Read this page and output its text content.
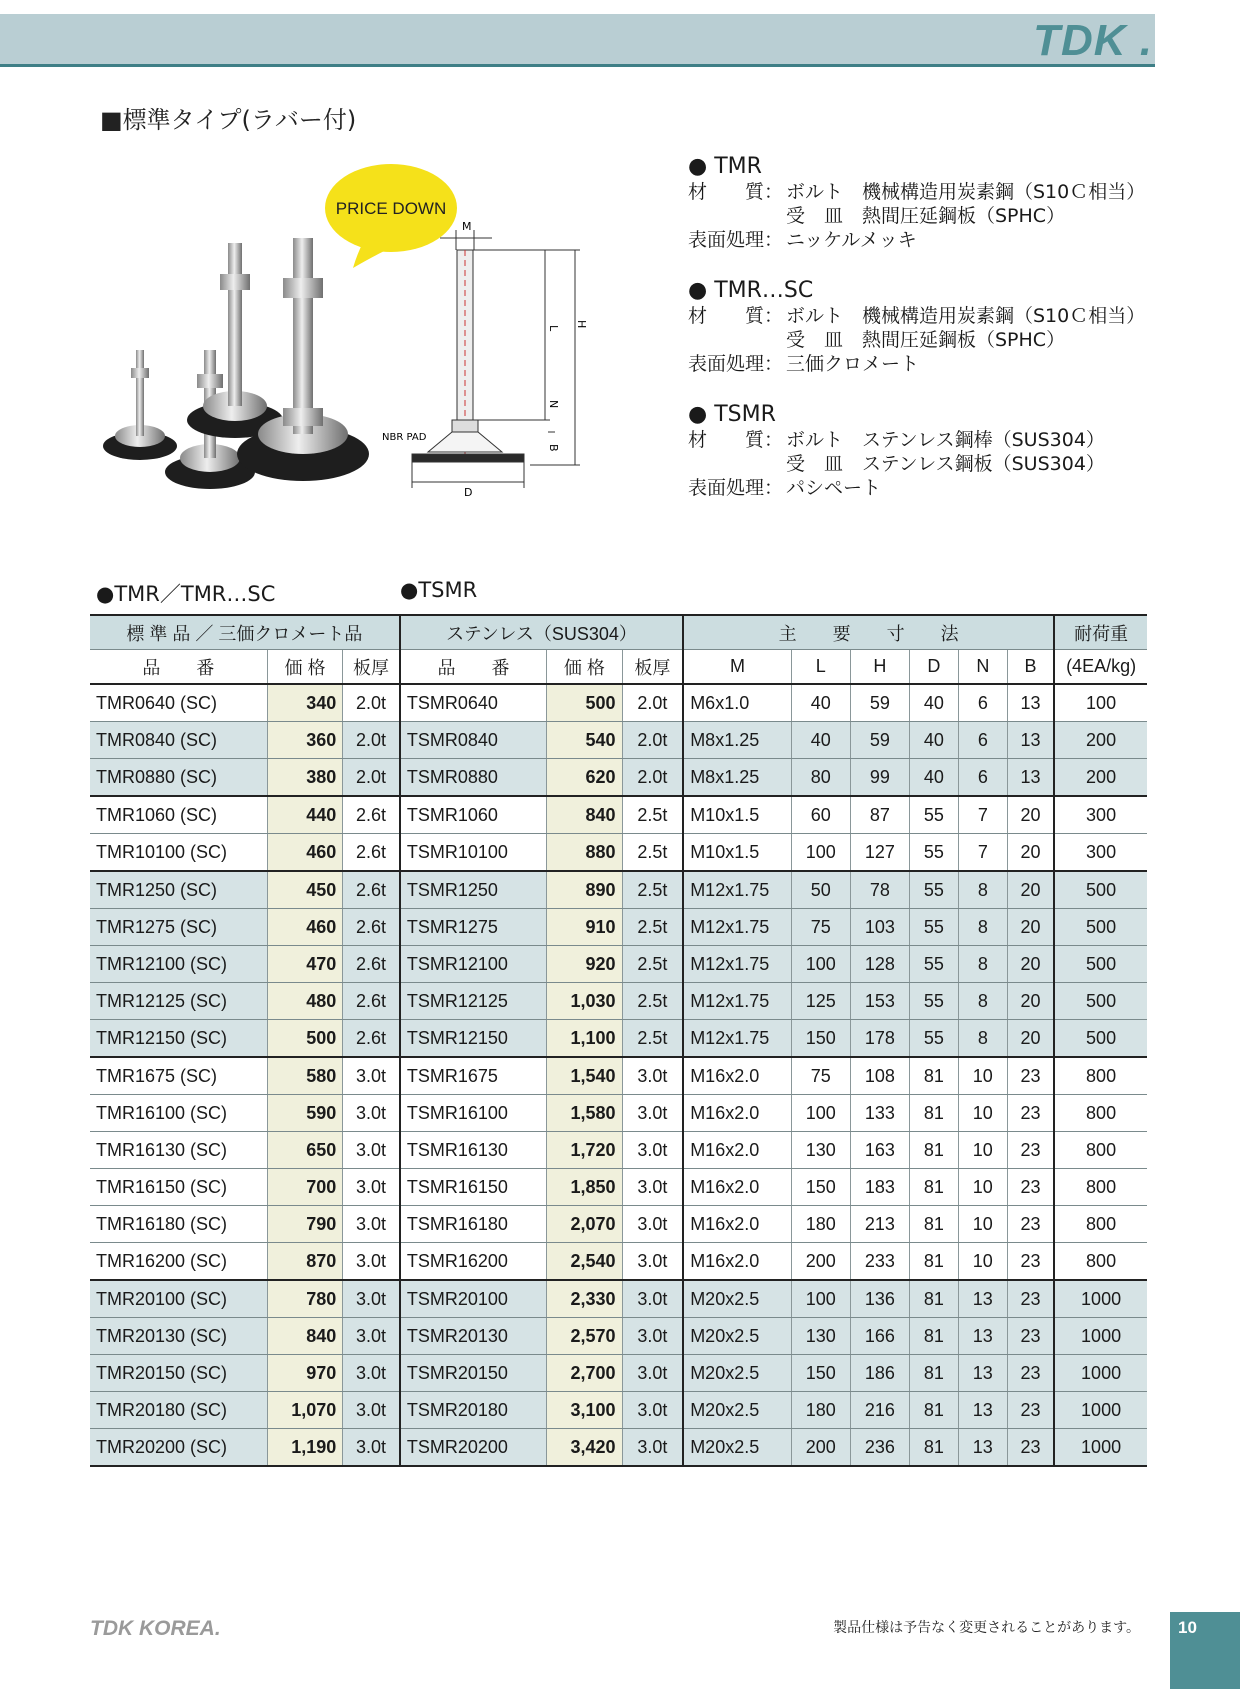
TDK .
■標準タイプ(ラバー付)
PRICE DOWN
M
L H
N
B
D
NBR PAD
● TMR
材　　質： ボルト　機械構造用炭素鋼（S10Ｃ相当）
受　皿　熱間圧延鋼板（SPHC）
表面処理： ニッケルメッキ
● TMR…SC
材　　質： ボルト　機械構造用炭素鋼（S10Ｃ相当）
受　皿　熱間圧延鋼板（SPHC）
表面処理： 三価クロメート
● TSMR
材　　質： ボルト　ステンレス鋼棒（SUS304）
受　皿　ステンレス鋼板（SUS304）
表面処理： パシペート
●TMR／TMR…SC	●TSMR
標 準 品 ／ 三価クロメート品			ステンレス（SUS304）			主　　要　　寸　　法						耐荷重
品　　番	価 格	板厚	品　　番	価 格	板厚	M	L	H	D	N	B	(4EA/kg)
TMR0640 (SC)	340	2.0t	TSMR0640	500	2.0t	M6x1.0	40	59	40	6	13	100
TMR0840 (SC)	360	2.0t	TSMR0840	540	2.0t	M8x1.25	40	59	40	6	13	200
TMR0880 (SC)	380	2.0t	TSMR0880	620	2.0t	M8x1.25	80	99	40	6	13	200
TMR1060 (SC)	440	2.6t	TSMR1060	840	2.5t	M10x1.5	60	87	55	7	20	300
TMR10100 (SC)	460	2.6t	TSMR10100	880	2.5t	M10x1.5	100	127	55	7	20	300
TMR1250 (SC)	450	2.6t	TSMR1250	890	2.5t	M12x1.75	50	78	55	8	20	500
TMR1275 (SC)	460	2.6t	TSMR1275	910	2.5t	M12x1.75	75	103	55	8	20	500
TMR12100 (SC)	470	2.6t	TSMR12100	920	2.5t	M12x1.75	100	128	55	8	20	500
TMR12125 (SC)	480	2.6t	TSMR12125	1,030	2.5t	M12x1.75	125	153	55	8	20	500
TMR12150 (SC)	500	2.6t	TSMR12150	1,100	2.5t	M12x1.75	150	178	55	8	20	500
TMR1675 (SC)	580	3.0t	TSMR1675	1,540	3.0t	M16x2.0	75	108	81	10	23	800
TMR16100 (SC)	590	3.0t	TSMR16100	1,580	3.0t	M16x2.0	100	133	81	10	23	800
TMR16130 (SC)	650	3.0t	TSMR16130	1,720	3.0t	M16x2.0	130	163	81	10	23	800
TMR16150 (SC)	700	3.0t	TSMR16150	1,850	3.0t	M16x2.0	150	183	81	10	23	800
TMR16180 (SC)	790	3.0t	TSMR16180	2,070	3.0t	M16x2.0	180	213	81	10	23	800
TMR16200 (SC)	870	3.0t	TSMR16200	2,540	3.0t	M16x2.0	200	233	81	10	23	800
TMR20100 (SC)	780	3.0t	TSMR20100	2,330	3.0t	M20x2.5	100	136	81	13	23	1000
TMR20130 (SC)	840	3.0t	TSMR20130	2,570	3.0t	M20x2.5	130	166	81	13	23	1000
TMR20150 (SC)	970	3.0t	TSMR20150	2,700	3.0t	M20x2.5	150	186	81	13	23	1000
TMR20180 (SC)	1,070	3.0t	TSMR20180	3,100	3.0t	M20x2.5	180	216	81	13	23	1000
TMR20200 (SC)	1,190	3.0t	TSMR20200	3,420	3.0t	M20x2.5	200	236	81	13	23	1000
TDK KOREA.	製品仕様は予告なく変更されることがあります。	10
